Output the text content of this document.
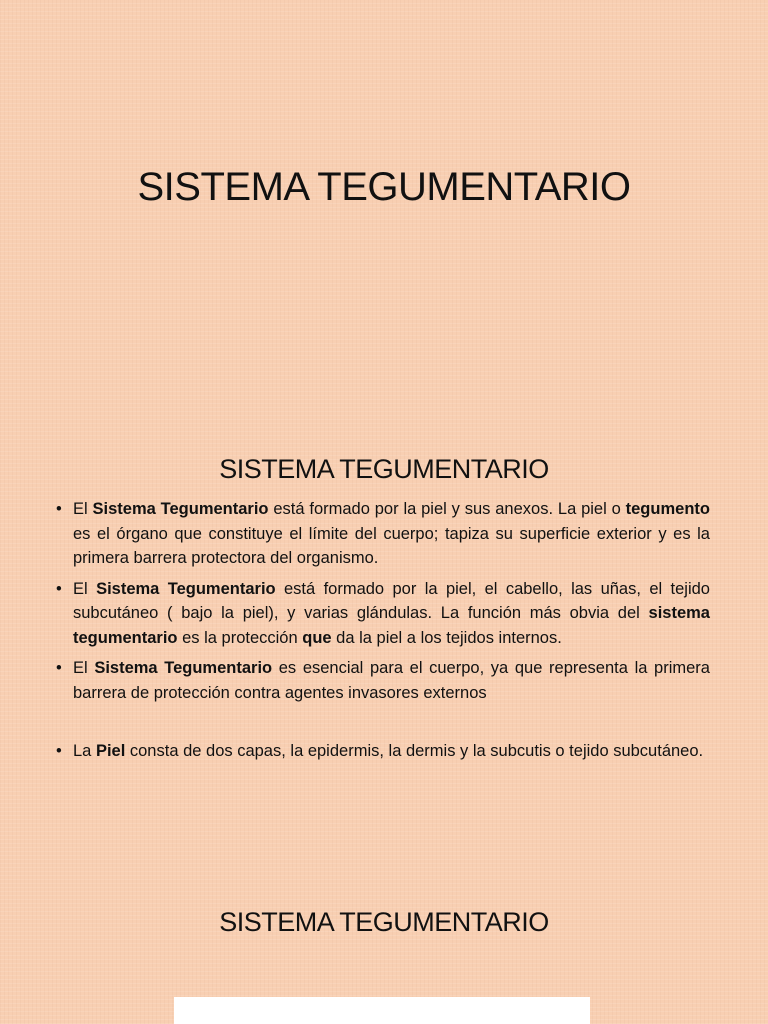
SISTEMA TEGUMENTARIO
SISTEMA TEGUMENTARIO
• El Sistema Tegumentario está formado por la piel y sus anexos. La piel o tegumento es el órgano que constituye el límite del cuerpo; tapiza su superficie exterior y es la primera barrera protectora del organismo.
• El Sistema Tegumentario está formado por la piel, el cabello, las uñas, el tejido subcutáneo ( bajo la piel), y varias glándulas. La función más obvia del sistema tegumentario es la protección que da la piel a los tejidos internos.
• El Sistema Tegumentario es esencial para el cuerpo, ya que representa la primera barrera de protección contra agentes invasores externos
• La Piel consta de dos capas, la epidermis, la dermis y la subcutis o tejido subcutáneo.
SISTEMA TEGUMENTARIO
